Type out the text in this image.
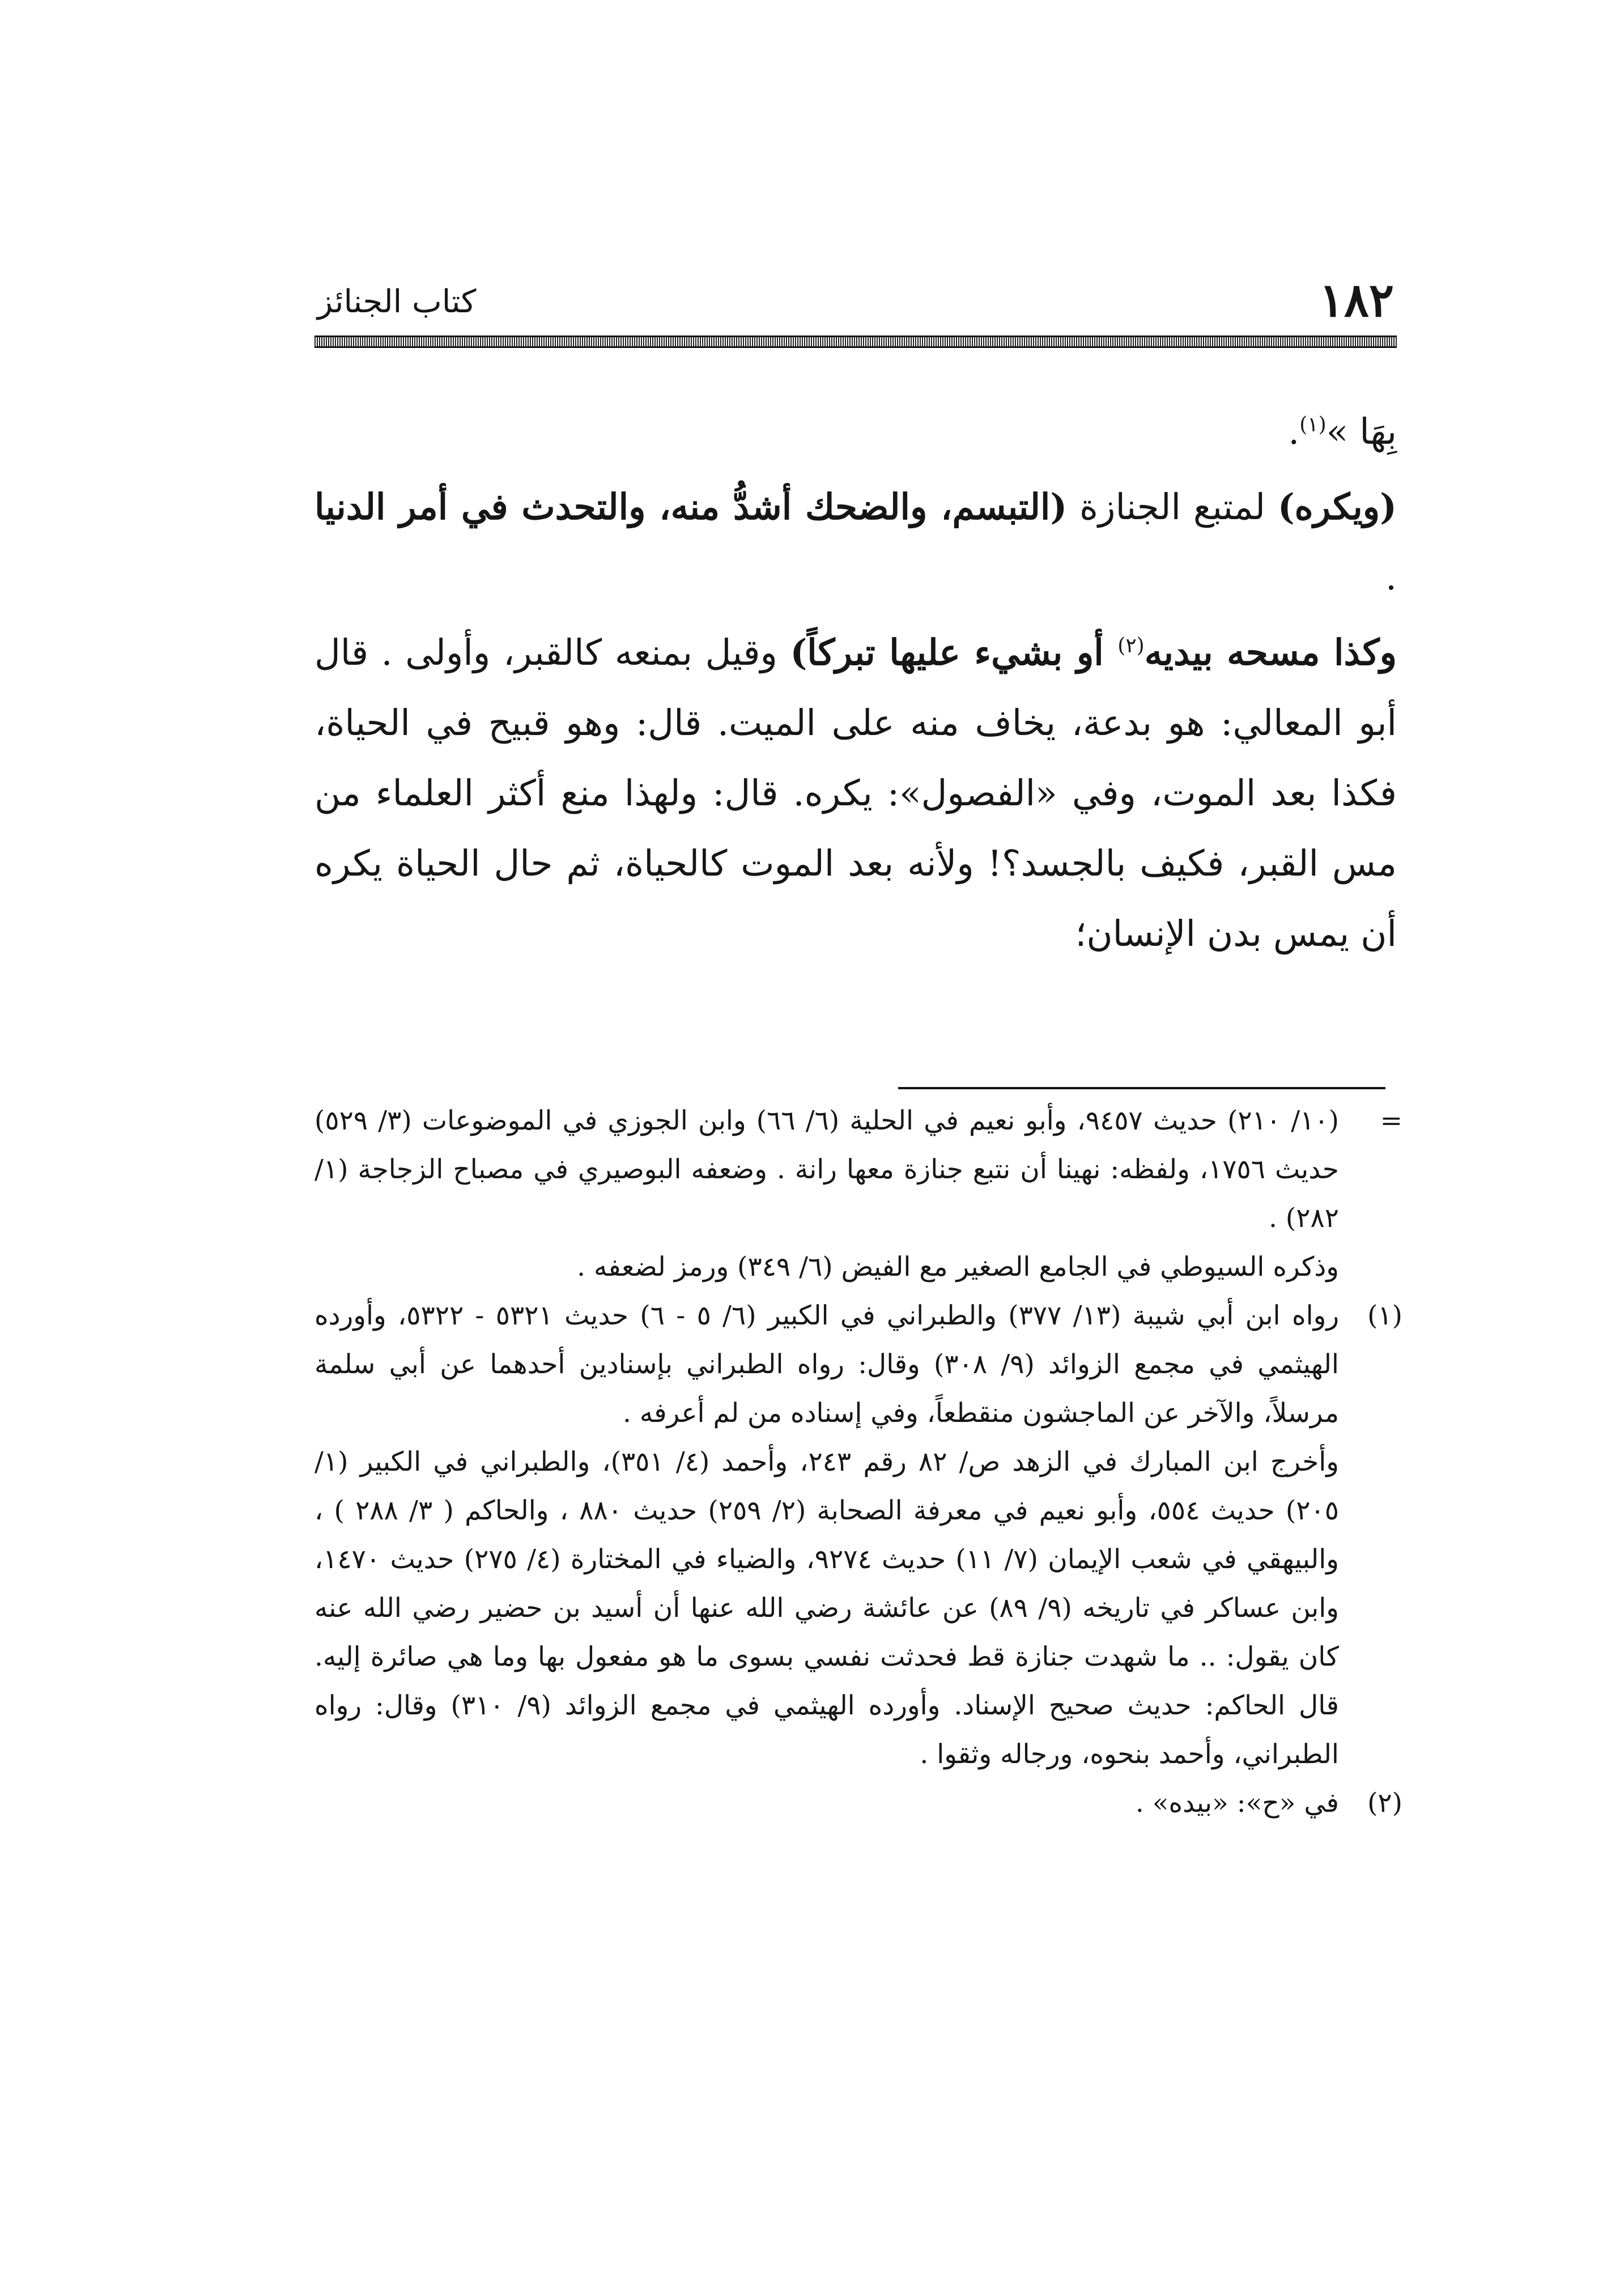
١٨٢
كتاب الجنائز

بِهَا »$^{(١)}$.

(ويكره) لمتبع الجنازة (التبسم، والضحك أشدُّ منه، والتحدث في أمر الدنيا .

وكذا مسحه بيديه$^{(٢)}$ أو بشيء عليها تبركاً) وقيل بمنعه كالقبر، وأولى . قال أبو المعالي: هو بدعة، يخاف منه على الميت. قال: وهو قبيح في الحياة، فكذا بعد الموت، وفي «الفصول»: يكره. قال: ولهذا منع أكثر العلماء من مس القبر، فكيف بالجسد؟! ولأنه بعد الموت كالحياة، ثم حال الحياة يكره أن يمس بدن الإنسان؛

=
(١٠/ ٢١٠) حديث ٩٤٥٧، وأبو نعيم في الحلية (٦/ ٦٦) وابن الجوزي في الموضوعات (٣/ ٥٢٩) حديث ١٧٥٦، ولفظه: نهينا أن نتبع جنازة معها رانة . وضعفه البوصيري في مصباح الزجاجة (١/ ٢٨٢) .
وذكره السيوطي في الجامع الصغير مع الفيض (٦/ ٣٤٩) ورمز لضعفه .
(١)
رواه ابن أبي شيبة (١٣/ ٣٧٧) والطبراني في الكبير (٦/ ٥ - ٦) حديث ٥٣٢١ - ٥٣٢٢، وأورده الهيثمي في مجمع الزوائد (٩/ ٣٠٨) وقال: رواه الطبراني بإسنادين أحدهما عن أبي سلمة مرسلاً، والآخر عن الماجشون منقطعاً، وفي إسناده من لم أعرفه .
وأخرج ابن المبارك في الزهد ص/ ٨٢ رقم ٢٤٣، وأحمد (٤/ ٣٥١)، والطبراني في الكبير (١/ ٢٠٥) حديث ٥٥٤، وأبو نعيم في معرفة الصحابة (٢/ ٢٥٩) حديث ٨٨٠ ، والحاكم ( ٣/ ٢٨٨ ) ، والبيهقي في شعب الإيمان (٧/ ١١) حديث ٩٢٧٤، والضياء في المختارة (٤/ ٢٧٥) حديث ١٤٧٠، وابن عساكر في تاريخه (٩/ ٨٩) عن عائشة رضي الله عنها أن أسيد بن حضير رضي الله عنه كان يقول: .. ما شهدت جنازة قط فحدثت نفسي بسوى ما هو مفعول بها وما هي صائرة إليه. قال الحاكم: حديث صحيح الإسناد. وأورده الهيثمي في مجمع الزوائد (٩/ ٣١٠) وقال: رواه الطبراني، وأحمد بنحوه، ورجاله وثقوا .
(٢)
في «ح»: «بيده» .
